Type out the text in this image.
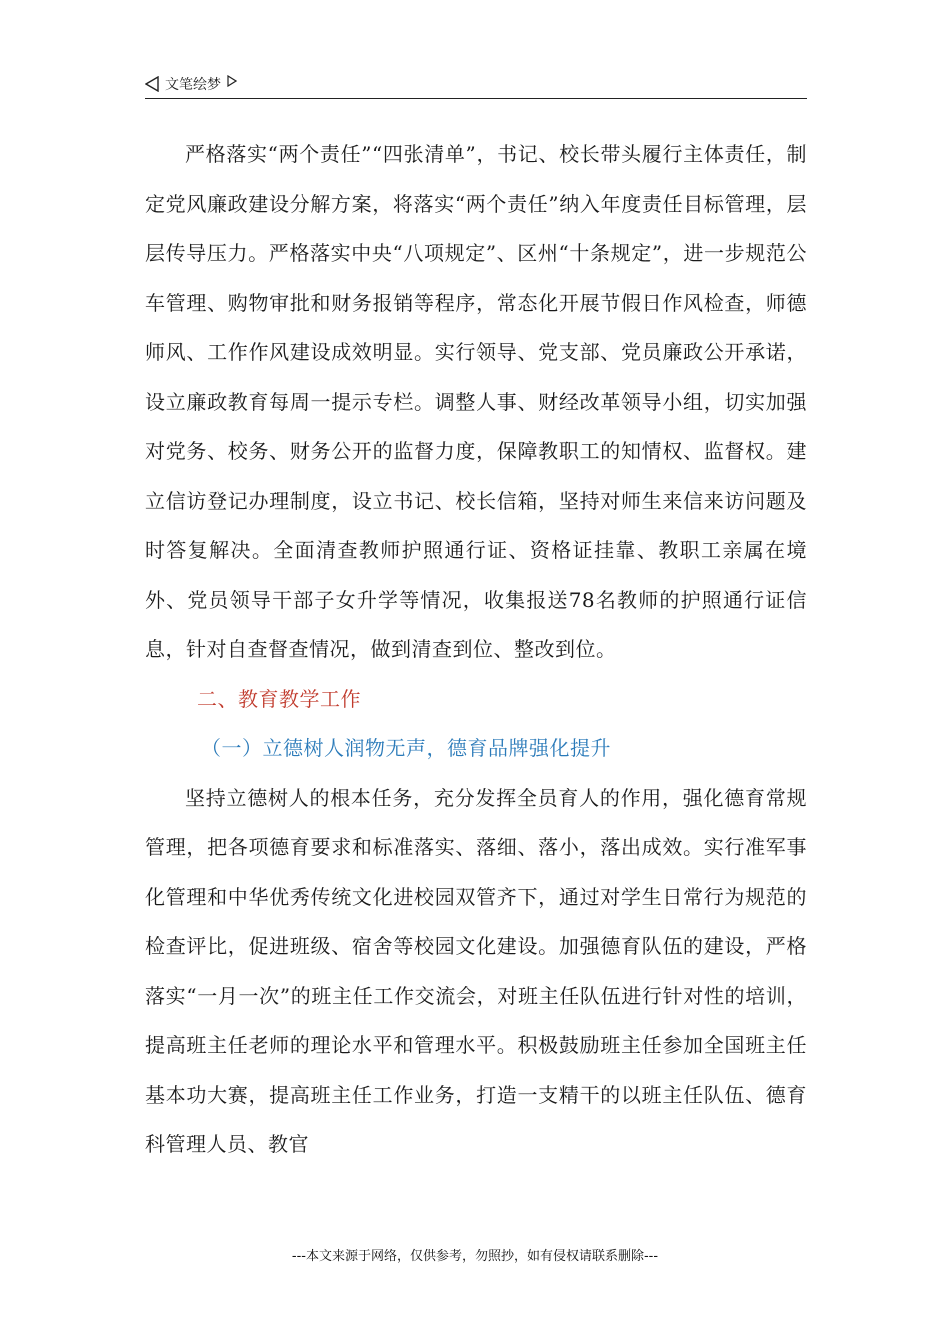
文笔绘梦

严格落实“两个责任”“四张清单”，书记、校长带头履行主体责任，制定党风廉政建设分解方案，将落实“两个责任”纳入年度责任目标管理，层层传导压力。严格落实中央“八项规定”、区州“十条规定”，进一步规范公车管理、购物审批和财务报销等程序，常态化开展节假日作风检查，师德师风、工作作风建设成效明显。实行领导、党支部、党员廉政公开承诺，设立廉政教育每周一提示专栏。调整人事、财经改革领导小组，切实加强对党务、校务、财务公开的监督力度，保障教职工的知情权、监督权。建立信访登记办理制度，设立书记、校长信箱，坚持对师生来信来访问题及时答复解决。全面清查教师护照通行证、资格证挂靠、教职工亲属在境外、党员领导干部子女升学等情况，收集报送78名教师的护照通行证信息，针对自查督查情况，做到清查到位、整改到位。

二、教育教学工作

（一）立德树人润物无声，德育品牌强化提升

坚持立德树人的根本任务，充分发挥全员育人的作用，强化德育常规管理，把各项德育要求和标准落实、落细、落小，落出成效。实行准军事化管理和中华优秀传统文化进校园双管齐下，通过对学生日常行为规范的检查评比，促进班级、宿舍等校园文化建设。加强德育队伍的建设，严格落实“一月一次”的班主任工作交流会，对班主任队伍进行针对性的培训，提高班主任老师的理论水平和管理水平。积极鼓励班主任参加全国班主任基本功大赛，提高班主任工作业务，打造一支精干的以班主任队伍、德育科管理人员、教官

---本文来源于网络，仅供参考，勿照抄，如有侵权请联系删除---
